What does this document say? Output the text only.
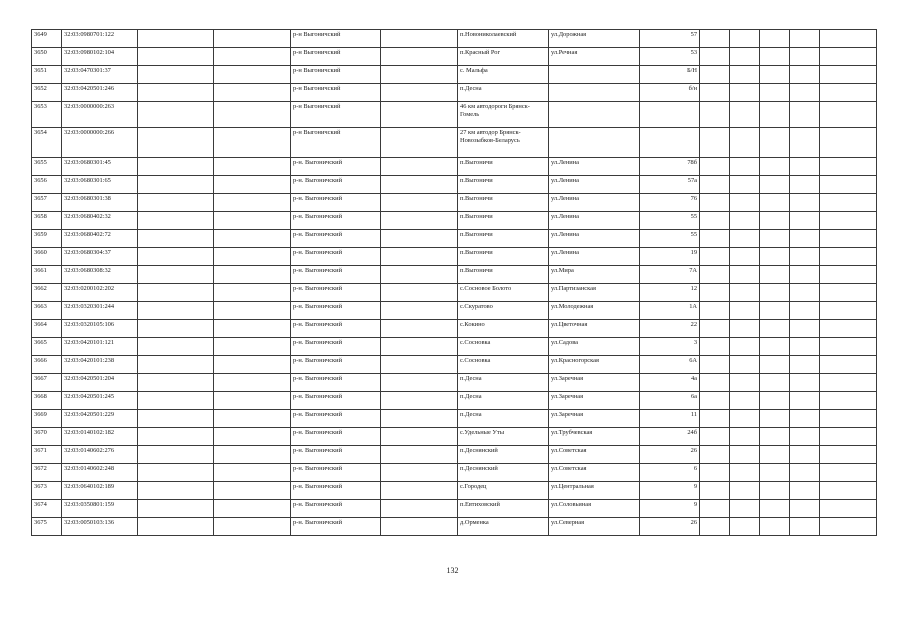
3649	32:03:0980701:122			р-н Выгоничский		п.Новониколаевский	ул.Дорожная	57					
3650	32:03:0980102:104			р-н Выгоничский		п.Красный Рог	ул.Речная	53					
3651	32:03:0470301:37			р-н Выгоничский		с. Мальфа		Б/Н					
3652	32:03:0420501:246			р-н Выгоничский		п.Десна		б/н					
3653	32:03:0000000:263			р-н Выгоничский		46 км автодороги Брянск-Гомель							
3654	32:03:0000000:266			р-н Выгоничский		27 км автодор Брянск-Новозыбков-Беларусь							
3655	32:03:0680301:45			р-н. Выгоничский		п.Выгоничи	ул.Ленина	78б					
3656	32:03:0680301:65			р-н. Выгоничский		п.Выгоничи	ул.Ленина	57а					
3657	32:03:0680301:38			р-н. Выгоничский		п.Выгоничи	ул.Ленина	76					
3658	32:03:0680402:32			р-н. Выгоничский		п.Выгоничи	ул.Ленина	55					
3659	32:03:0680402:72			р-н. Выгоничский		п.Выгоничи	ул.Ленина	55					
3660	32:03:0680304:37			р-н. Выгоничский		п.Выгоничи	ул.Ленина	19					
3661	32:03:0680308:32			р-н. Выгоничский		п.Выгоничи	ул.Мира	7А					
3662	32:03:0200102:202			р-н. Выгоничский		с.Сосновое Болото	ул.Партизанская	12					
3663	32:03:0320301:244			р-н. Выгоничский		с.Скуратово	ул.Молодежная	1А					
3664	32:03:0320105:106			р-н. Выгоничский		с.Кокино	ул.Цветочная	22					
3665	32:03:0420101:121			р-н. Выгоничский		с.Сосновка	ул.Садова	3					
3666	32:03:0420101:238			р-н. Выгоничский		с.Сосновка	ул.Красногорская	6А					
3667	32:03:0420501:204			р-н. Выгоничский		п.Десна	ул.Заречная	4а					
3668	32:03:0420501:245			р-н. Выгоничский		п.Десна	ул.Заречная	6а					
3669	32:03:0420501:229			р-н. Выгоничский		п.Десна	ул.Заречная	11					
3670	32:03:0140102:182			р-н. Выгоничский		с.Удельные Уты	ул.Трубчевская	24б					
3671	32:03:0140602:276			р-н. Выгоничский		п.Деснянский	ул.Советская	26					
3672	32:03:0140602:248			р-н. Выгоничский		п.Деснянский	ул.Советская	6					
3673	32:03:0640102:189			р-н. Выгоничский		с.Городец	ул.Центральная	9					
3674	32:03:0350801:159			р-н. Выгоничский		п.Евтиховский	ул.Соловьиная	9					
3675	32:03:0050103:136			р-н. Выгоничский		д.Орменка	ул.Северная	26					
132
